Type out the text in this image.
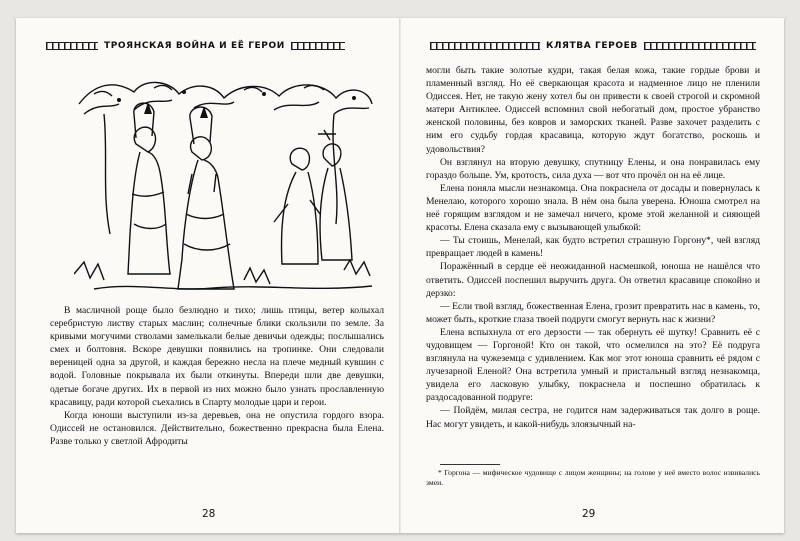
ТРОЯНСКАЯ ВОЙНА И ЕЁ ГЕРОИ

В масличной роще было безлюдно и тихо; лишь птицы, ветер колыхал серебристую листву старых маслин; солнечные блики скользили по земле. За кривыми могучими стволами замелькали белые девичьи одежды; послышались смех и болтовня. Вскоре девушки появились на тропинке. Они следовали вереницей одна за другой, и каждая бережно несла на плече медный кувшин с водой. Головные покрывала их были откинуты. Впереди шли две девушки, одетые богаче других. Их в первой из них можно было узнать прославленную красавицу, ради которой съехались в Спарту молодые цари и герои.

Когда юноши выступили из-за деревьев, она не опустила гордого взора. Одиссей не остановился. Действительно, божественно прекрасна была Елена. Разве только у светлой Афродиты

28
КЛЯТВА ГЕРОЕВ

могли быть такие золотые кудри, такая белая кожа, такие гордые брови и пламенный взгляд. Но её сверкающая красота и надменное лицо не пленили Одиссея. Нет, не такую жену хотел бы он привести к своей строгой и скромной матери Антиклее. Одиссей вспомнил свой небогатый дом, простое убранство женской половины, без ковров и заморских тканей. Разве захочет разделить с ним его судьбу гордая красавица, которую ждут богатство, роскошь и удовольствия?

Он взглянул на вторую девушку, спутницу Елены, и она понравилась ему гораздо больше. Ум, кротость, сила духа — вот что прочёл он на её лице.

Елена поняла мысли незнакомца. Она покраснела от досады и повернулась к Менелаю, которого хорошо знала. В нём она была уверена. Юноша смотрел на неё горящим взглядом и не замечал ничего, кроме этой желанной и сияющей красоты. Елена сказала ему с вызывающей улыбкой:

— Ты стоишь, Менелай, как будто встретил страшную Горгону*, чей взгляд превращает людей в камень!

Поражённый в сердце её неожиданной насмешкой, юноша не нашёлся что ответить. Одиссей поспешил выручить друга. Он ответил красавице спокойно и дерзко:

— Если твой взгляд, божественная Елена, грозит превратить нас в камень, то, может быть, кроткие глаза твоей подруги смогут вернуть нас к жизни?

Елена вспыхнула от его дерзости — так обернуть её шутку! Сравнить её с чудовищем — Горгоной! Кто он такой, что осмелился на это? Её подруга взглянула на чужеземца с удивлением. Как мог этот юноша сравнить её рядом с лучезарной Еленой? Она встретила умный и пристальный взгляд незнакомца, увидела его ласковую улыбку, покраснела и поспешно обратилась к раздосадованной подруге:

— Пойдём, милая сестра, не годится нам задерживаться так долго в роще. Нас могут увидеть, и какой-нибудь злоязычный на-

* Горгона — мифическое чудовище с лицом женщины; на голове у неё вместо волос извивались змеи.
29
